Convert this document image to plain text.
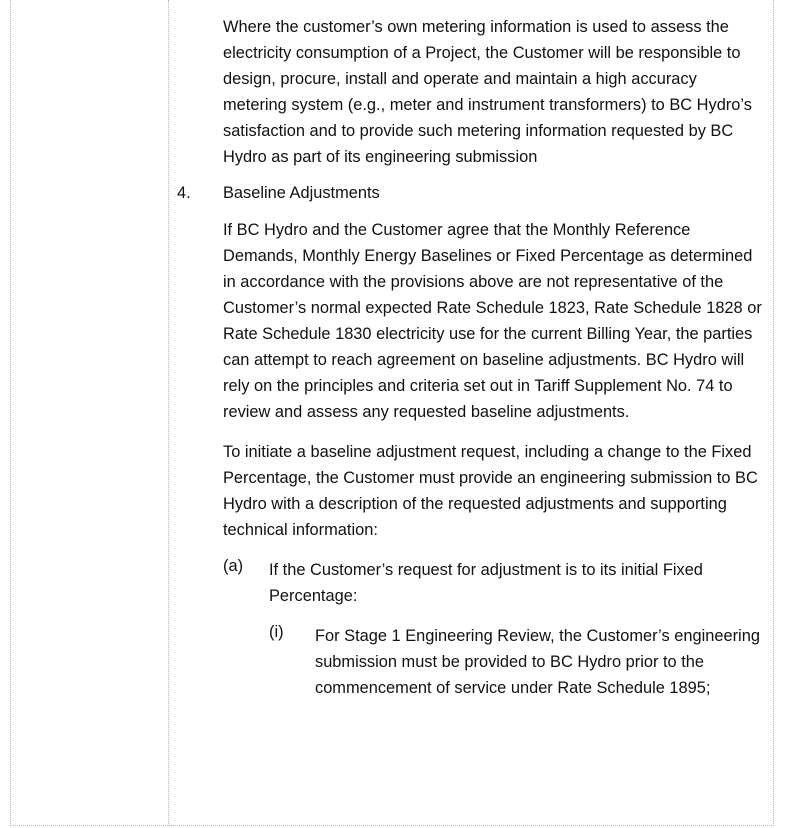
Where the customer’s own metering information is used to assess the electricity consumption of a Project, the Customer will be responsible to design, procure, install and operate and maintain a high accuracy metering system (e.g., meter and instrument transformers) to BC Hydro’s satisfaction and to provide such metering information requested by BC Hydro as part of its engineering submission

4.	Baseline Adjustments

If BC Hydro and the Customer agree that the Monthly Reference Demands, Monthly Energy Baselines or Fixed Percentage as determined in accordance with the provisions above are not representative of the Customer’s normal expected Rate Schedule 1823, Rate Schedule 1828 or Rate Schedule 1830 electricity use for the current Billing Year, the parties can attempt to reach agreement on baseline adjustments. BC Hydro will rely on the principles and criteria set out in Tariff Supplement No. 74 to review and assess any requested baseline adjustments.

To initiate a baseline adjustment request, including a change to the Fixed Percentage, the Customer must provide an engineering submission to BC Hydro with a description of the requested adjustments and supporting technical information:

(a)	If the Customer’s request for adjustment is to its initial Fixed Percentage:

(i)	For Stage 1 Engineering Review, the Customer’s engineering submission must be provided to BC Hydro prior to the commencement of service under Rate Schedule 1895;
